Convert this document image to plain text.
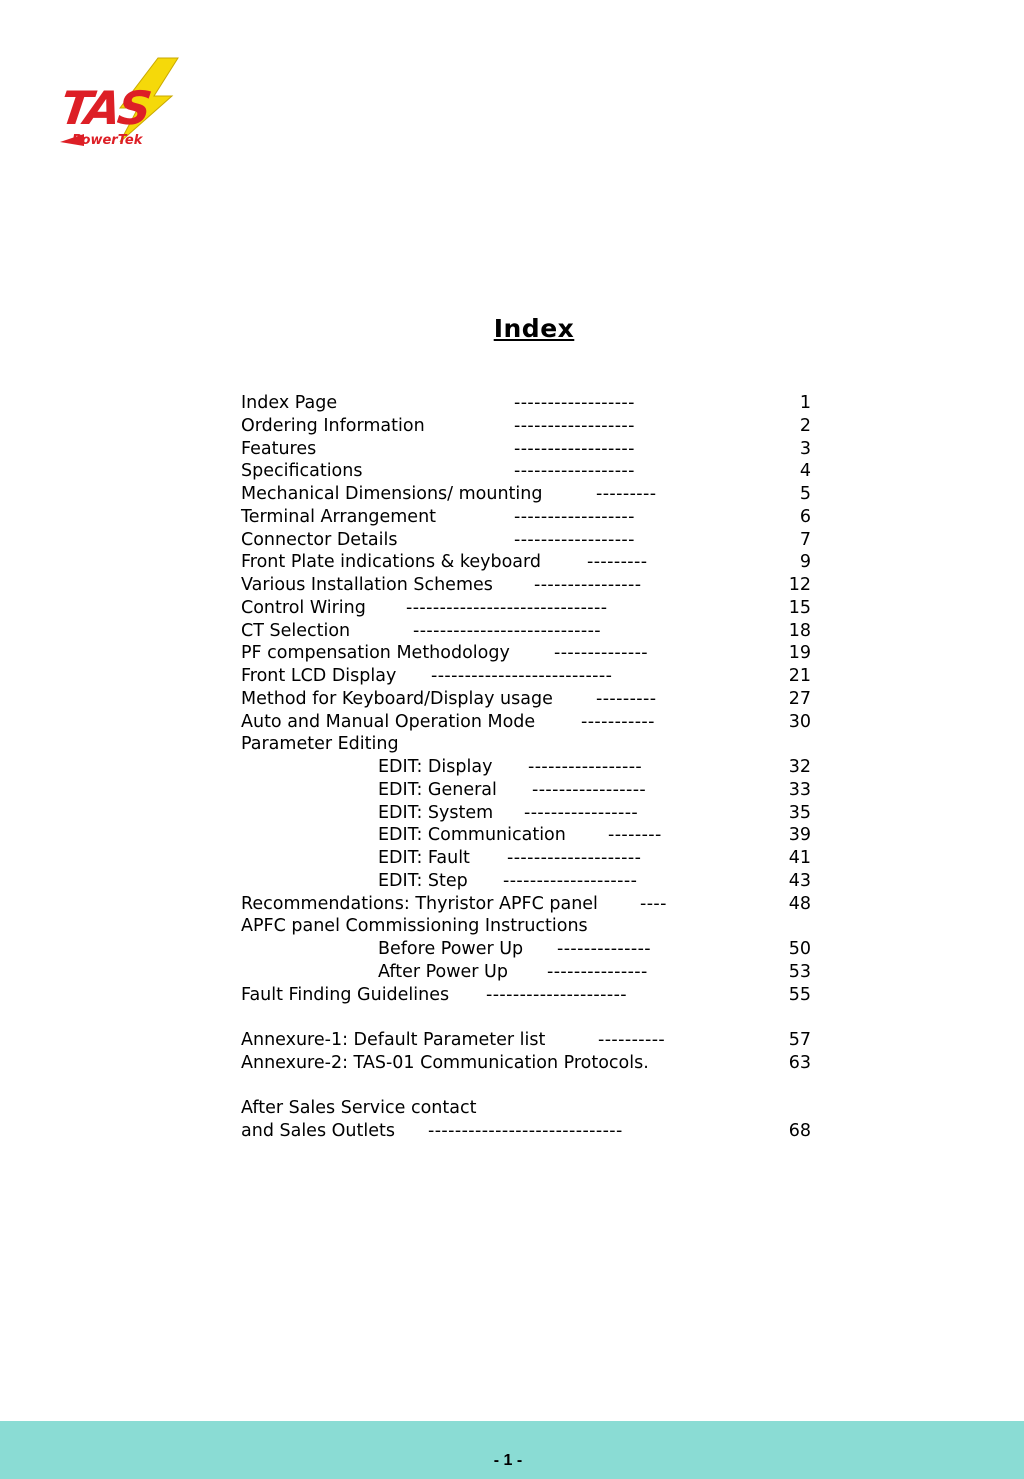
TAS
PowerTek
Index
Index Page	------------------	1
Ordering Information	------------------	2
Features	------------------	3
Specifications	------------------	4
Mechanical Dimensions/ mounting	---------	5
Terminal Arrangement	------------------	6
Connector Details	------------------	7
Front Plate indications & keyboard	---------	9
Various Installation Schemes ----------------	12
Control Wiring ------------------------------	15
CT Selection	----------------------------	18
PF compensation Methodology	--------------	19
Front LCD Display ---------------------------	21
Method for Keyboard/Display usage ---------	27
Auto and Manual Operation Mode	-----------	30
Parameter Editing
EDIT: Display -----------------	32
EDIT: General -----------------	33
EDIT: System -----------------	35
EDIT: Communication --------	39
EDIT: Fault --------------------	41
EDIT: Step --------------------	43
Recommendations: Thyristor APFC panel ----	48
APFC panel Commissioning Instructions
Before Power Up --------------	50
After Power Up ---------------	53
Fault Finding Guidelines ---------------------	55
Annexure-1: Default Parameter list	----------	57
Annexure-2: TAS-01 Communication Protocols.	63
After Sales Service contact
and Sales Outlets -----------------------------	68
- 1 -
